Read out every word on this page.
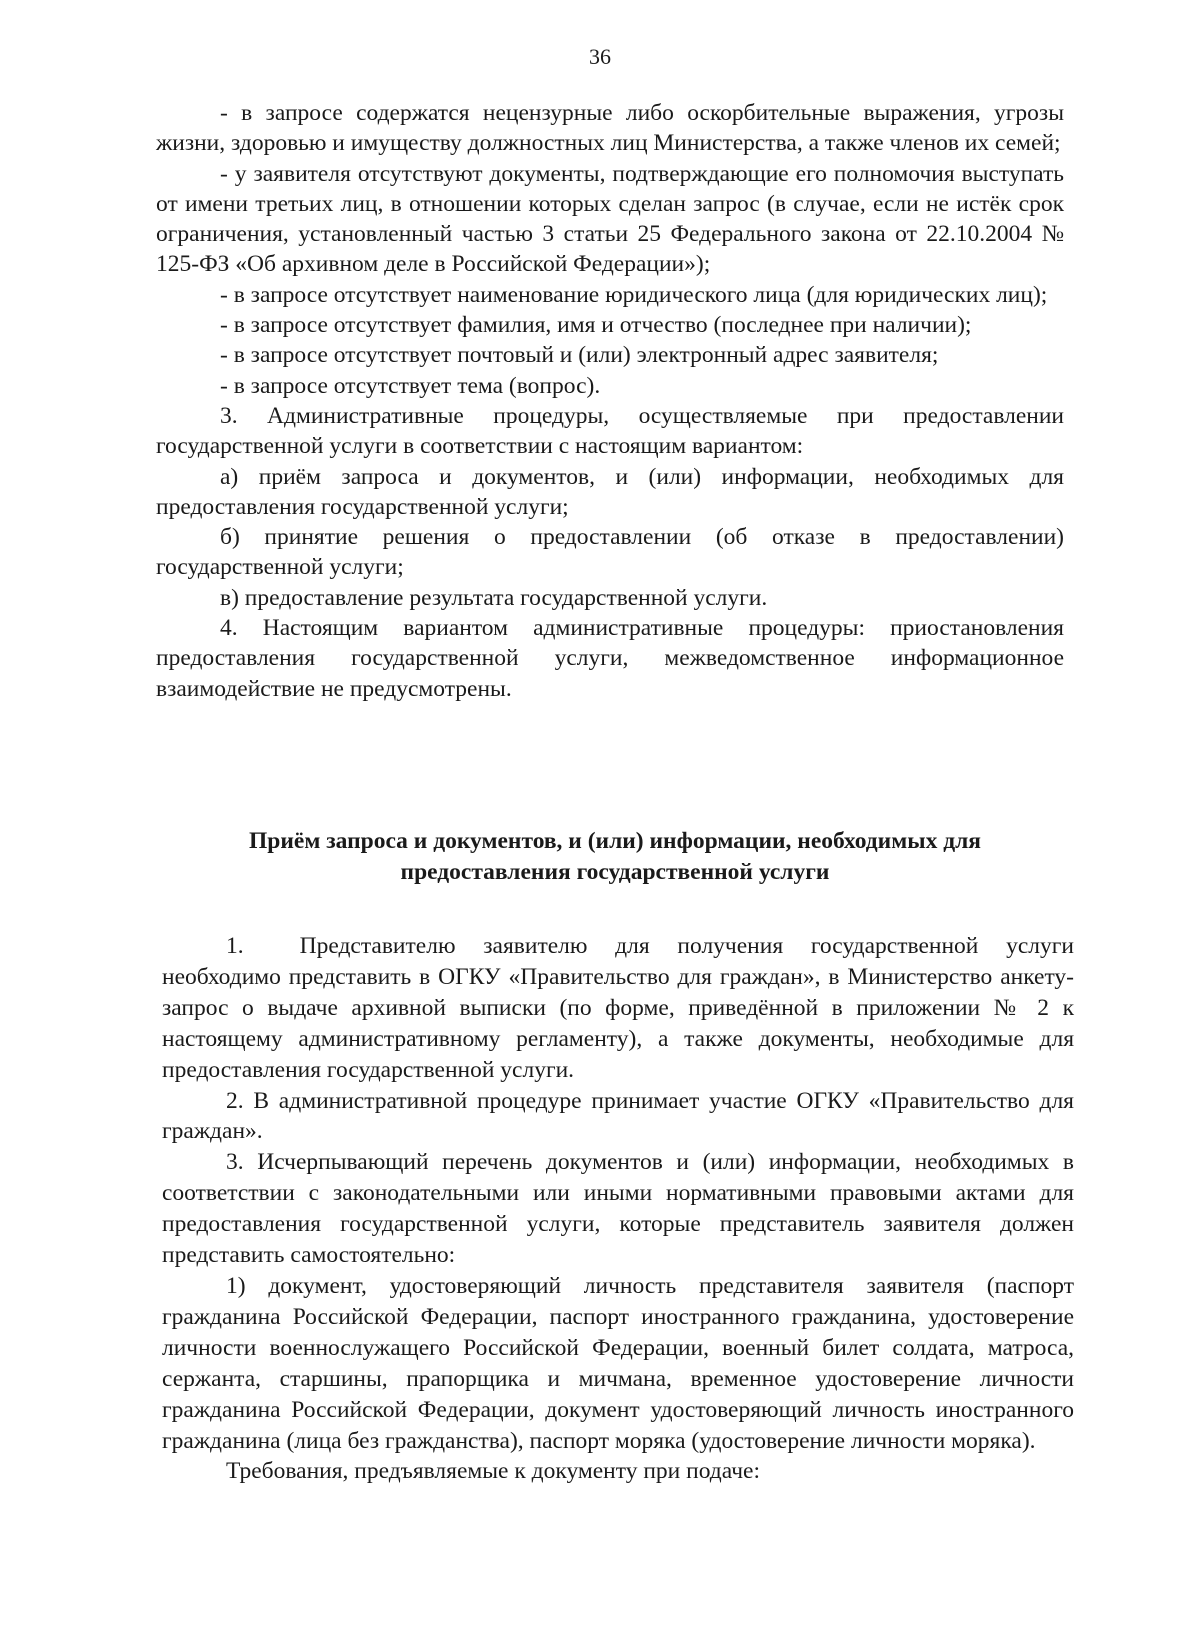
36

- в запросе содержатся нецензурные либо оскорбительные выражения, угрозы жизни, здоровью и имуществу должностных лиц Министерства, а также членов их семей;

- у заявителя отсутствуют документы, подтверждающие его полномочия выступать от имени третьих лиц, в отношении которых сделан запрос (в случае, если не истёк срок ограничения, установленный частью 3 статьи 25 Федерального закона от 22.10.2004 № 125-ФЗ «Об архивном деле в Российской Федерации»);

- в запросе отсутствует наименование юридического лица (для юридических лиц);

- в запросе отсутствует фамилия, имя и отчество (последнее при наличии);

- в запросе отсутствует почтовый и (или) электронный адрес заявителя;

- в запросе отсутствует тема (вопрос).

3. Административные процедуры, осуществляемые при предоставлении государственной услуги в соответствии с настоящим вариантом:

а) приём запроса и документов, и (или) информации, необходимых для предоставления государственной услуги;

б) принятие решения о предоставлении (об отказе в предоставлении) государственной услуги;

в) предоставление результата государственной услуги.

4. Настоящим вариантом административные процедуры: приостановления предоставления государственной услуги, межведомственное информационное взаимодействие не предусмотрены.

Приём запроса и документов, и (или) информации, необходимых для
предоставления государственной услуги

1. Представителю заявителю для получения государственной услуги необходимо представить в ОГКУ «Правительство для граждан», в Министерство анкету-запрос о выдаче архивной выписки (по форме, приведённой в приложении № 2 к настоящему административному регламенту), а также документы, необходимые для предоставления государственной услуги.

2. В административной процедуре принимает участие ОГКУ «Правительство для граждан».

3. Исчерпывающий перечень документов и (или) информации, необходимых в соответствии с законодательными или иными нормативными правовыми актами для предоставления государственной услуги, которые представитель заявителя должен представить самостоятельно:

1) документ, удостоверяющий личность представителя заявителя (паспорт гражданина Российской Федерации, паспорт иностранного гражданина, удостоверение личности военнослужащего Российской Федерации, военный билет солдата, матроса, сержанта, старшины, прапорщика и мичмана, временное удостоверение личности гражданина Российской Федерации, документ удостоверяющий личность иностранного гражданина (лица без гражданства), паспорт моряка (удостоверение личности моряка).

Требования, предъявляемые к документу при подаче:
